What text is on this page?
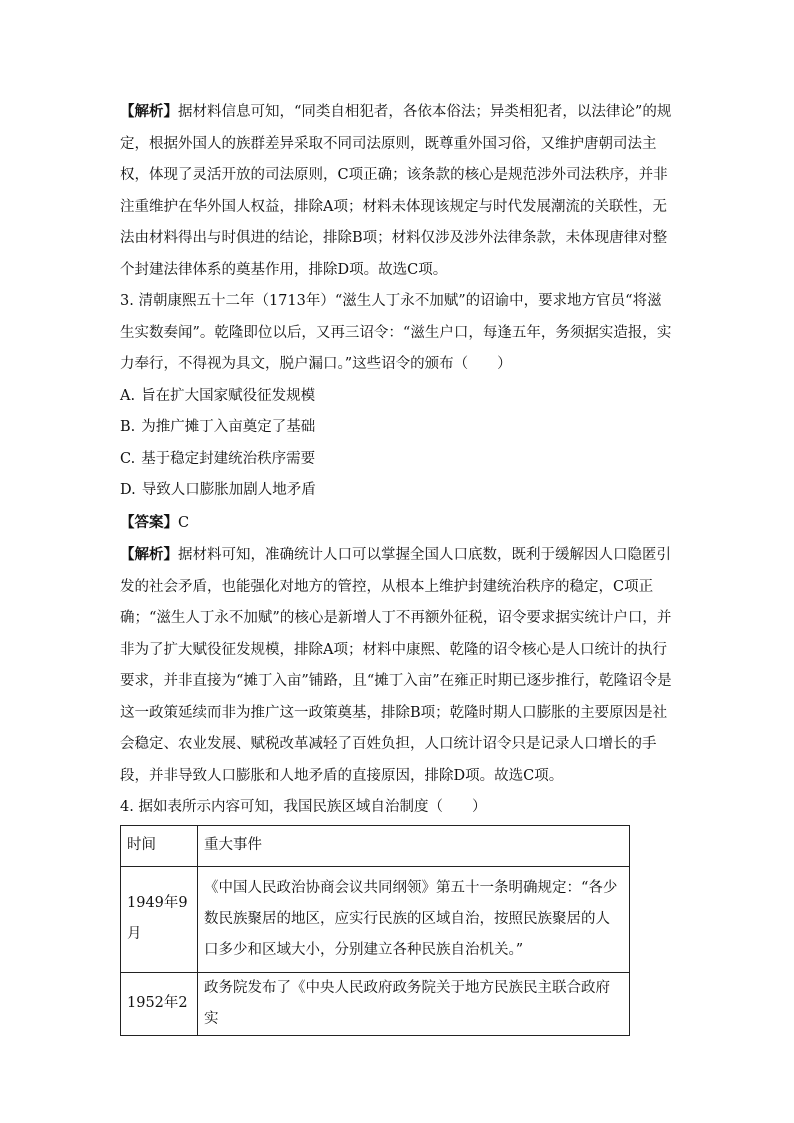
【解析】据材料信息可知，“同类自相犯者，各依本俗法；异类相犯者，以法律论”的规定，根据外国人的族群差异采取不同司法原则，既尊重外国习俗，又维护唐朝司法主权，体现了灵活开放的司法原则，C项正确；该条款的核心是规范涉外司法秩序，并非注重维护在华外国人权益，排除A项；材料未体现该规定与时代发展潮流的关联性，无法由材料得出与时俱进的结论，排除B项；材料仅涉及涉外法律条款，未体现唐律对整个封建法律体系的奠基作用，排除D项。故选C项。

3. 清朝康熙五十二年（1713年）“滋生人丁永不加赋”的诏谕中，要求地方官员“将滋生实数奏闻”。乾隆即位以后，又再三诏令：“滋生户口，每逢五年，务须据实造报，实力奉行，不得视为具文，脱户漏口。”这些诏令的颁布（　　）

A. 旨在扩大国家赋役征发规模

B. 为推广摊丁入亩奠定了基础

C. 基于稳定封建统治秩序需要

D. 导致人口膨胀加剧人地矛盾

【答案】C

【解析】据材料可知，准确统计人口可以掌握全国人口底数，既利于缓解因人口隐匿引发的社会矛盾，也能强化对地方的管控，从根本上维护封建统治秩序的稳定，C项正确；“滋生人丁永不加赋”的核心是新增人丁不再额外征税，诏令要求据实统计户口，并非为了扩大赋役征发规模，排除A项；材料中康熙、乾隆的诏令核心是人口统计的执行要求，并非直接为“摊丁入亩”铺路，且“摊丁入亩”在雍正时期已逐步推行，乾隆诏令是这一政策延续而非为推广这一政策奠基，排除B项；乾隆时期人口膨胀的主要原因是社会稳定、农业发展、赋税改革减轻了百姓负担，人口统计诏令只是记录人口增长的手段，并非导致人口膨胀和人地矛盾的直接原因，排除D项。故选C项。

4. 据如表所示内容可知，我国民族区域自治制度（　　）

时间	重大事件
1949年9月	《中国人民政治协商会议共同纲领》第五十一条明确规定：“各少数民族聚居的地区，应实行民族的区域自治，按照民族聚居的人口多少和区域大小，分别建立各种民族自治机关。”
1952年2	政务院发布了《中央人民政府政务院关于地方民族民主联合政府实
